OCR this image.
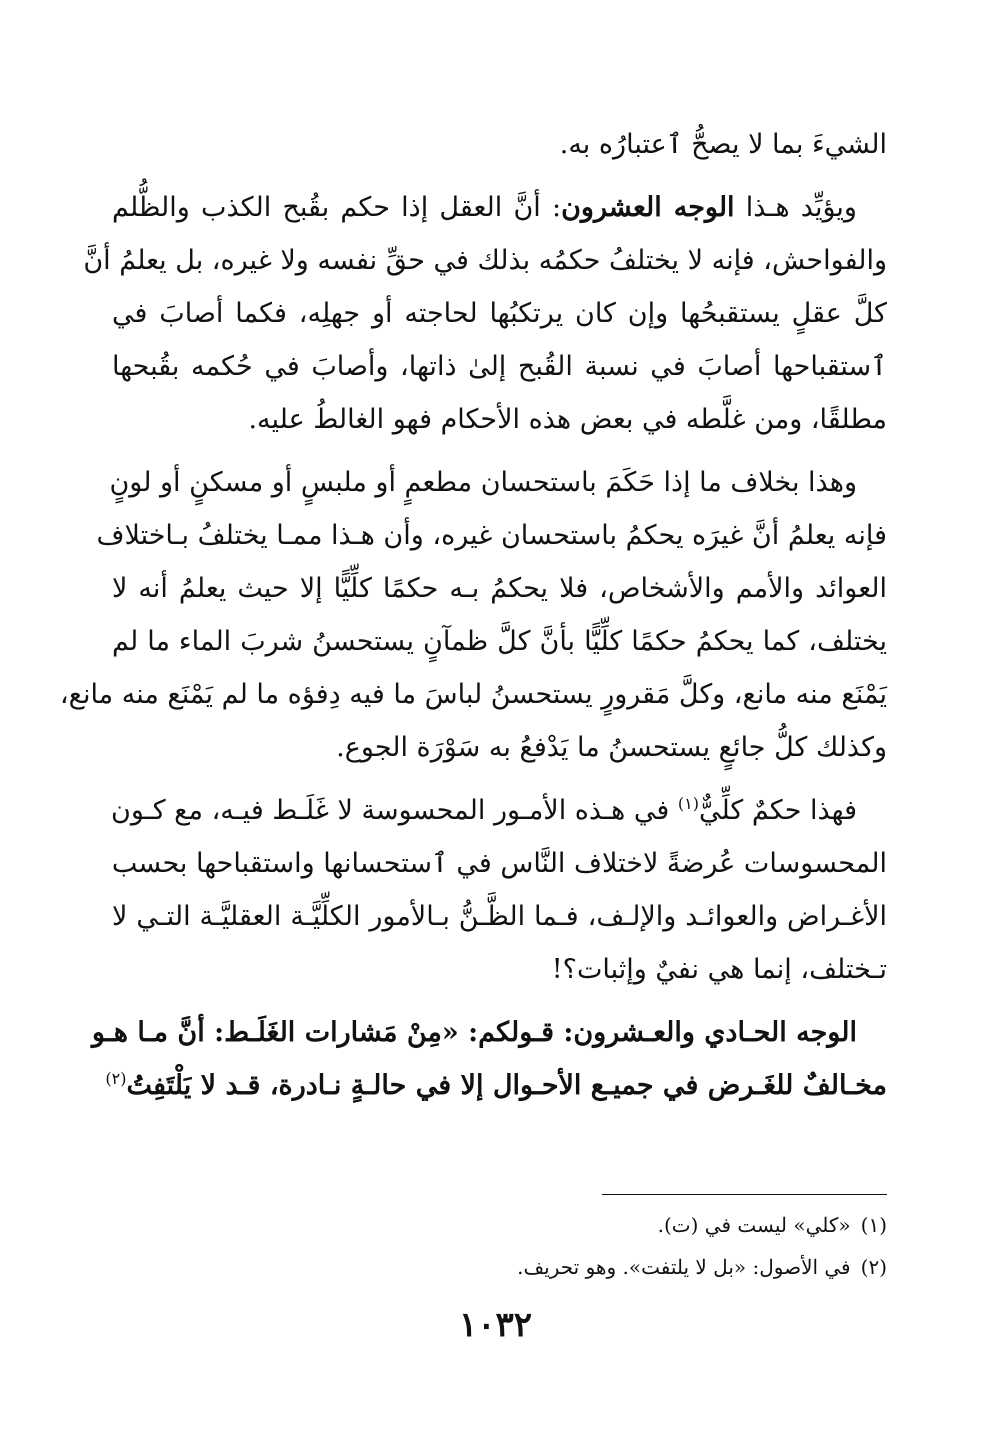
الشيءَ بما لا يصحُّ ٱعتبارُه به.
ويؤيِّد هـذا الوجه العشرون: أنَّ العقل إذا حكم بقُبح الكذب والظُّلم
والفواحش، فإنه لا يختلفُ حكمُه بذلك في حقِّ نفسه ولا غيره، بل يعلمُ أنَّ
كلَّ عقلٍ يستقبحُها وإن كان يرتكبُها لحاجته أو جهلِه، فكما أصابَ في
ٱستقباحها أصابَ في نسبة القُبح إلىٰ ذاتها، وأصابَ في حُكمه بقُبحها
مطلقًا، ومن غلَّطه في بعض هذه الأحكام فهو الغالطُ عليه.
وهذا بخلاف ما إذا حَكَمَ باستحسان مطعمٍ أو ملبسٍ أو مسكنٍ أو لونٍ
فإنه يعلمُ أنَّ غيرَه يحكمُ باستحسان غيره، وأن هـذا ممـا يختلفُ بـاختلاف
العوائد والأمم والأشخاص، فلا يحكمُ بـه حكمًا كلِّيًّا إلا حيث يعلمُ أنه لا
يختلف، كما يحكمُ حكمًا كلِّيًّا بأنَّ كلَّ ظمآنٍ يستحسنُ شربَ الماء ما لم
يَمْنَع منه مانع، وكلَّ مَقرورٍ يستحسنُ لباسَ ما فيه دِفؤه ما لم يَمْنَع منه مانع،
وكذلك كلُّ جائعٍ يستحسنُ ما يَدْفعُ به سَوْرَة الجوع.
فهذا حكمٌ كلِّيٌّ$^{(١)}$ في هـذه الأمـور المحسوسة لا غَلَـط فيـه، مع كـون
المحسوسات عُرضةً لاختلاف النَّاس في ٱستحسانها واستقباحها بحسب
الأغـراض والعوائـد والإلـف، فـما الظَّـنُّ بـالأمور الكلِّيَّـة العقليَّـة التـي لا
تـختلف، إنما هي نفيٌ وإثبات؟!
الوجه الحـادي والعـشرون: قـولكم: «مِنْ مَشارات الغَلَـط: أنَّ مـا هـو
مخـالفٌ للغَـرض في جميـع الأحـوال إلا في حالـةٍ نـادرة، قـد لا يَلْتَفِتُ$^{(٢)}$
(١)«كلي» ليست في (ت).
(٢)في الأصول: «بل لا يلتفت». وهو تحريف.
١٠٣٢
